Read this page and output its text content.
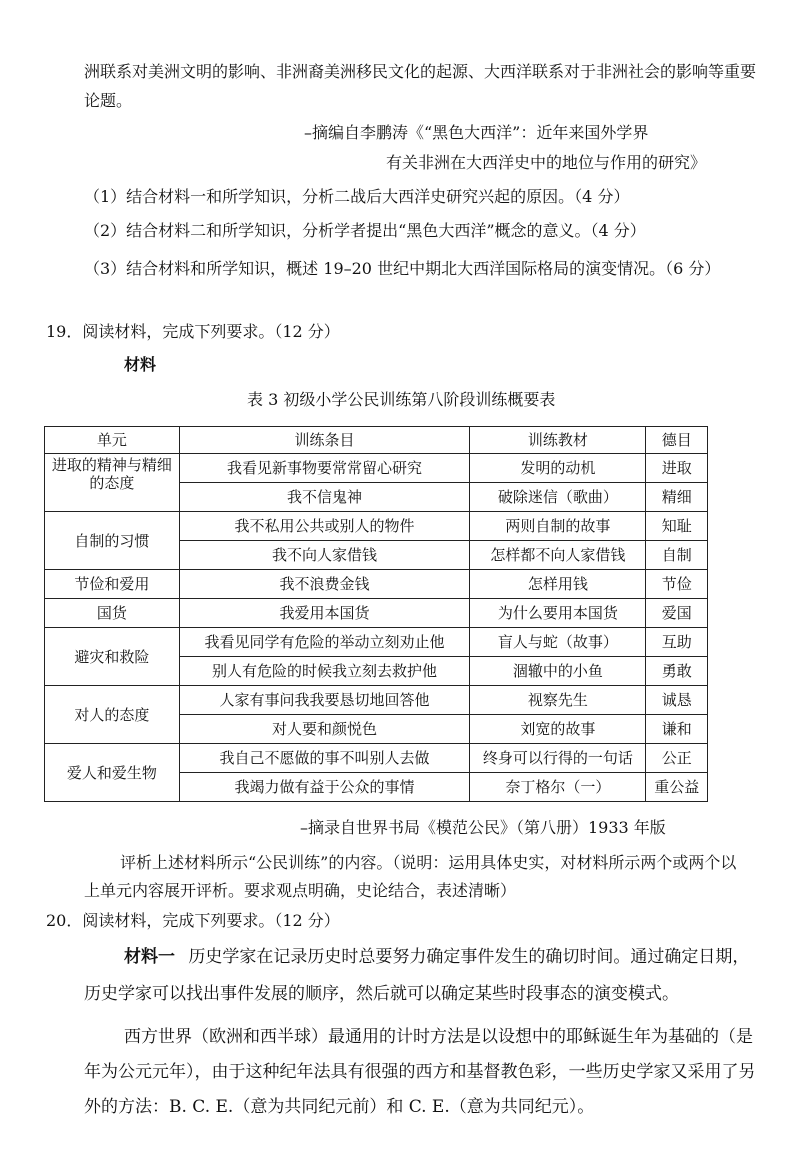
洲联系对美洲文明的影响、非洲裔美洲移民文化的起源、大西洋联系对于非洲社会的影响等重要
论题。
–摘编自李鹏涛《“黑色大西洋”：近年来国外学界
有关非洲在大西洋史中的地位与作用的研究》
（1）结合材料一和所学知识，分析二战后大西洋史研究兴起的原因。（4 分）
（2）结合材料二和所学知识，分析学者提出“黑色大西洋”概念的意义。（4 分）
（3）结合材料和所学知识，概述 19–20 世纪中期北大西洋国际格局的演变情况。（6 分）
19．阅读材料，完成下列要求。（12 分）
材料
表 3 初级小学公民训练第八阶段训练概要表
单元	训练条目	训练教材	德目
进取的精神与精细的态度	我看见新事物要常常留心研究	发明的动机	进取
	我不信鬼神	破除迷信（歌曲）	精细
自制的习惯	我不私用公共或别人的物件	两则自制的故事	知耻
	我不向人家借钱	怎样都不向人家借钱	自制
节俭和爱用	我不浪费金钱	怎样用钱	节俭
国货	我爱用本国货	为什么要用本国货	爱国
避灾和救险	我看见同学有危险的举动立刻劝止他	盲人与蛇（故事）	互助
	别人有危险的时候我立刻去救护他	涸辙中的小鱼	勇敢
对人的态度	人家有事问我我要恳切地回答他	视察先生	诚恳
	对人要和颜悦色	刘宽的故事	谦和
爱人和爱生物	我自己不愿做的事不叫别人去做	终身可以行得的一句话	公正
	我竭力做有益于公众的事情	奈丁格尔（一）	重公益
–摘录自世界书局《模范公民》（第八册）1933 年版
评析上述材料所示“公民训练”的内容。（说明：运用具体史实，对材料所示两个或两个以
上单元内容展开评析。要求观点明确，史论结合，表述清晰）
20．阅读材料，完成下列要求。（12 分）
材料一 历史学家在记录历史时总要努力确定事件发生的确切时间。通过确定日期，
历史学家可以找出事件发展的顺序，然后就可以确定某些时段事态的演变模式。
西方世界（欧洲和西半球）最通用的计时方法是以设想中的耶稣诞生年为基础的（是
年为公元元年），由于这种纪年法具有很强的西方和基督教色彩，一些历史学家又采用了另
外的方法：B. C. E.（意为共同纪元前）和 C. E.（意为共同纪元）。
